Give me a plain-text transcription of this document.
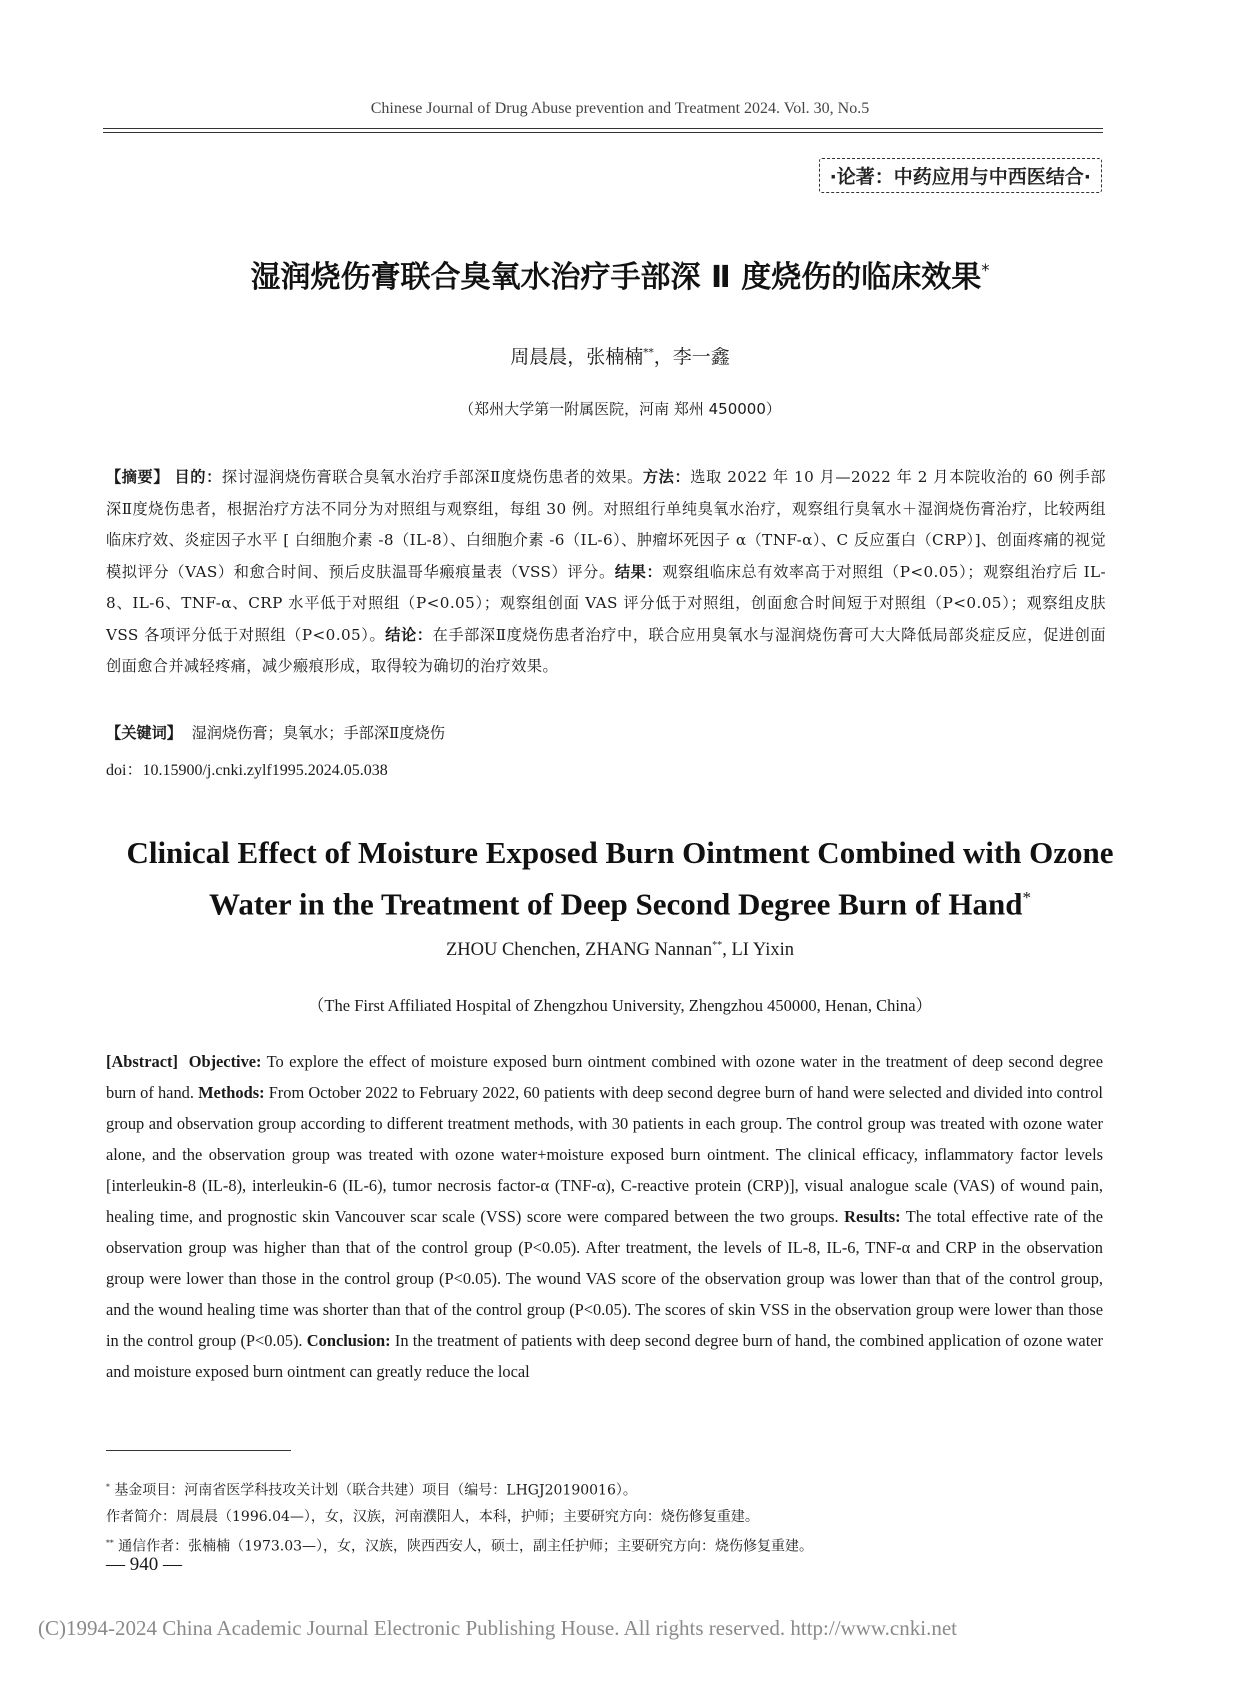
Chinese Journal of Drug Abuse prevention and Treatment 2024. Vol. 30, No.5
·论著：中药应用与中西医结合·
湿润烧伤膏联合臭氧水治疗手部深 Ⅱ 度烧伤的临床效果*
周晨晨，张楠楠**，李一鑫
（郑州大学第一附属医院，河南 郑州 450000）
【摘要】 目的：探讨湿润烧伤膏联合臭氧水治疗手部深Ⅱ度烧伤患者的效果。方法：选取 2022 年 10 月—2022 年 2 月本院收治的 60 例手部深Ⅱ度烧伤患者，根据治疗方法不同分为对照组与观察组，每组 30 例。对照组行单纯臭氧水治疗，观察组行臭氧水＋湿润烧伤膏治疗，比较两组临床疗效、炎症因子水平 [ 白细胞介素 -8（IL-8）、白细胞介素 -6（IL-6）、肿瘤坏死因子 α（TNF-α）、C 反应蛋白（CRP）]、创面疼痛的视觉模拟评分（VAS）和愈合时间、预后皮肤温哥华瘢痕量表（VSS）评分。结果：观察组临床总有效率高于对照组（P<0.05）；观察组治疗后 IL-8、IL-6、TNF-α、CRP 水平低于对照组（P<0.05）；观察组创面 VAS 评分低于对照组，创面愈合时间短于对照组（P<0.05）；观察组皮肤 VSS 各项评分低于对照组（P<0.05）。结论：在手部深Ⅱ度烧伤患者治疗中，联合应用臭氧水与湿润烧伤膏可大大降低局部炎症反应，促进创面创面愈合并减轻疼痛，减少瘢痕形成，取得较为确切的治疗效果。
【关键词】 湿润烧伤膏；臭氧水；手部深Ⅱ度烧伤
doi：10.15900/j.cnki.zylf1995.2024.05.038
Clinical Effect of Moisture Exposed Burn Ointment Combined with Ozone
Water in the Treatment of Deep Second Degree Burn of Hand*
ZHOU Chenchen, ZHANG Nannan**, LI Yixin
（The First Affiliated Hospital of Zhengzhou University, Zhengzhou 450000, Henan, China）
[Abstract] Objective: To explore the effect of moisture exposed burn ointment combined with ozone water in the treatment of deep second degree burn of hand. Methods: From October 2022 to February 2022, 60 patients with deep second degree burn of hand were selected and divided into control group and observation group according to different treatment methods, with 30 patients in each group. The control group was treated with ozone water alone, and the observation group was treated with ozone water+moisture exposed burn ointment. The clinical efficacy, inflammatory factor levels [interleukin-8 (IL-8), interleukin-6 (IL-6), tumor necrosis factor-α (TNF-α), C-reactive protein (CRP)], visual analogue scale (VAS) of wound pain, healing time, and prognostic skin Vancouver scar scale (VSS) score were compared between the two groups. Results: The total effective rate of the observation group was higher than that of the control group (P<0.05). After treatment, the levels of IL-8, IL-6, TNF-α and CRP in the observation group were lower than those in the control group (P<0.05). The wound VAS score of the observation group was lower than that of the control group, and the wound healing time was shorter than that of the control group (P<0.05). The scores of skin VSS in the observation group were lower than those in the control group (P<0.05). Conclusion: In the treatment of patients with deep second degree burn of hand, the combined application of ozone water and moisture exposed burn ointment can greatly reduce the local
* 基金项目：河南省医学科技攻关计划（联合共建）项目（编号：LHGJ20190016）。
作者简介：周晨晨（1996.04—），女，汉族，河南濮阳人，本科，护师；主要研究方向：烧伤修复重建。
** 通信作者：张楠楠（1973.03—），女，汉族，陕西西安人，硕士，副主任护师；主要研究方向：烧伤修复重建。
— 940 —
(C)1994-2024 China Academic Journal Electronic Publishing House. All rights reserved. http://www.cnki.net
